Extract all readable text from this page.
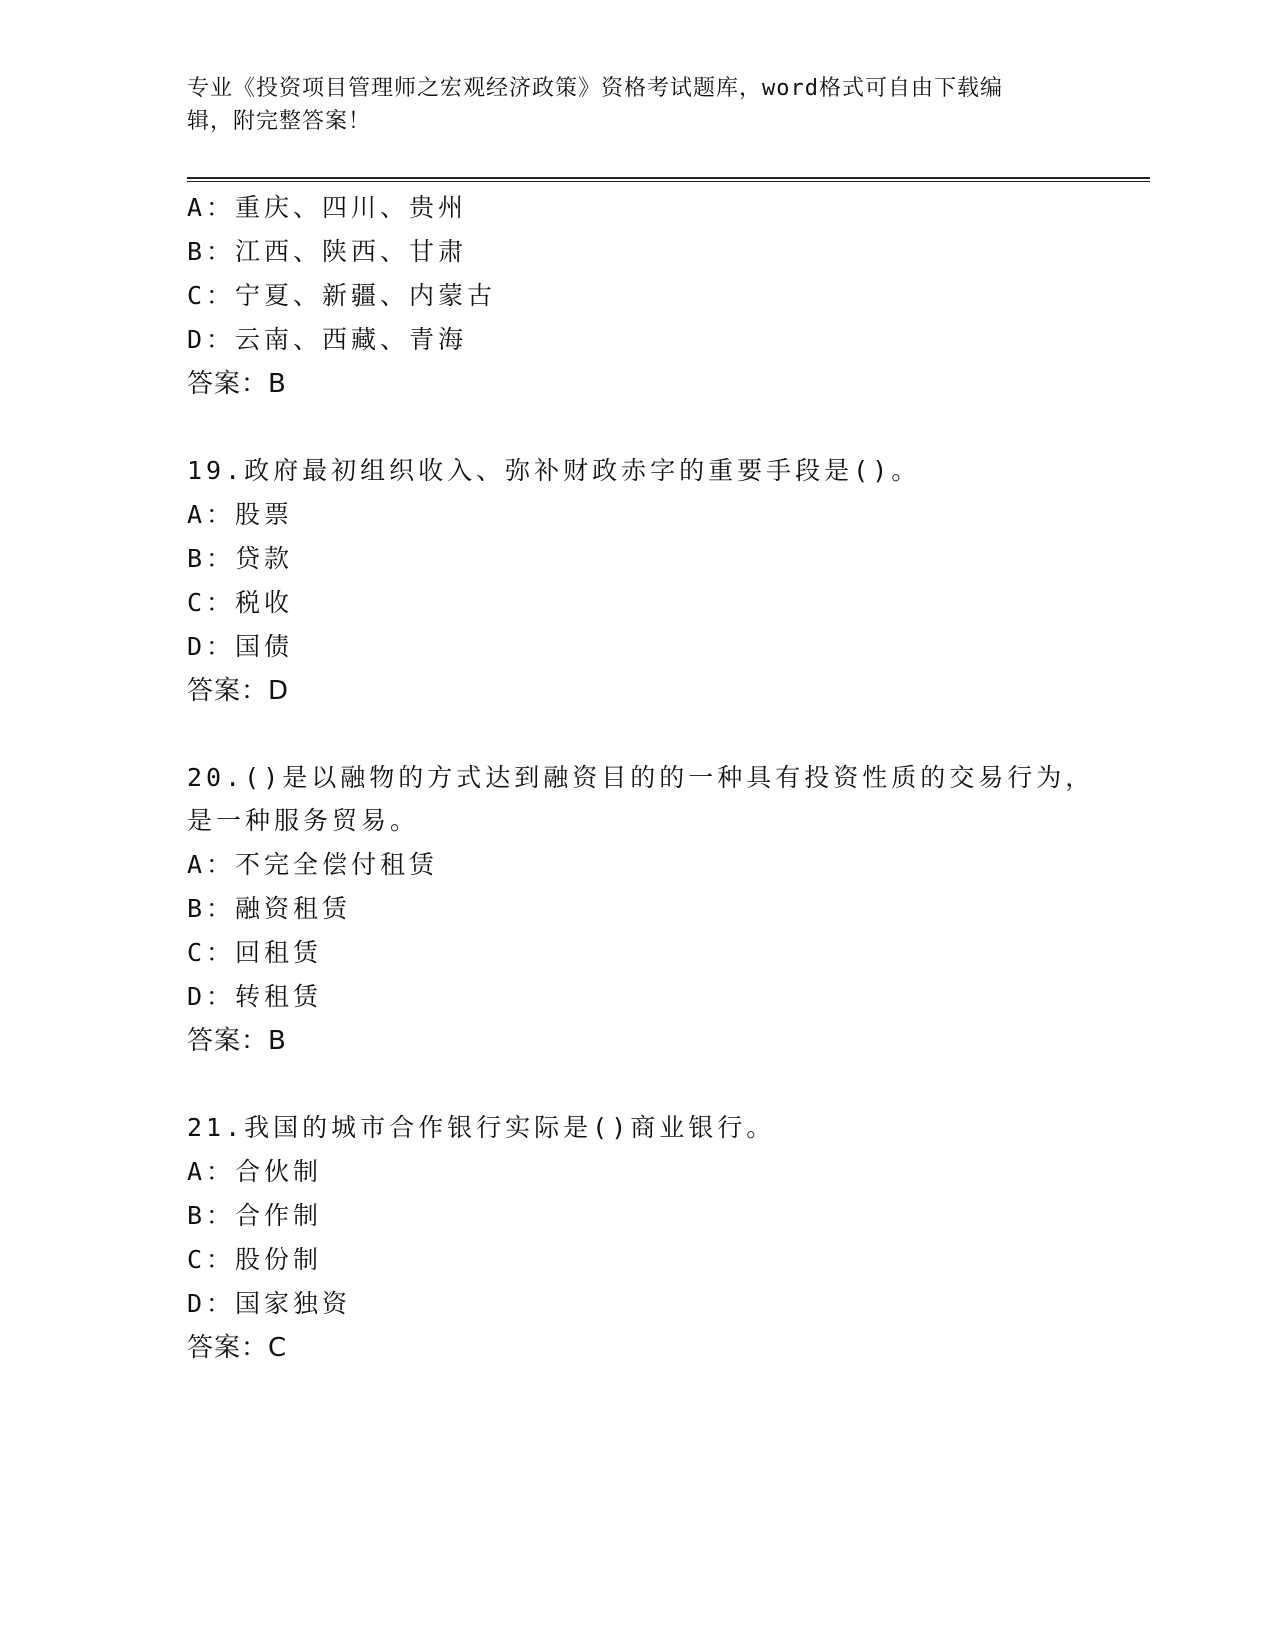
专业《投资项目管理师之宏观经济政策》资格考试题库，word格式可自由下载编
辑，附完整答案！
A：重庆、四川、贵州
B：江西、陕西、甘肃
C：宁夏、新疆、内蒙古
D：云南、西藏、青海
答案：B
19.政府最初组织收入、弥补财政赤字的重要手段是()。
A：股票
B：贷款
C：税收
D：国债
答案：D
20.()是以融物的方式达到融资目的的一种具有投资性质的交易行为，
是一种服务贸易。
A：不完全偿付租赁
B：融资租赁
C：回租赁
D：转租赁
答案：B
21.我国的城市合作银行实际是()商业银行。
A：合伙制
B：合作制
C：股份制
D：国家独资
答案：C
